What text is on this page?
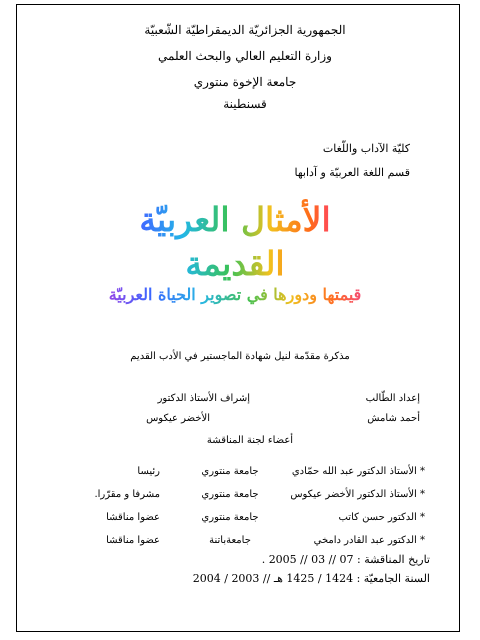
الجمهورية الجزائريّة الديمقراطيّة الشّعبيّة
وزارة التعليم العالي والبحث العلمي
جامعة الإخوة منتوري
قسنطينة
كليّة الآداب واللّغات
قسم اللغة العربيّة و آدابها
الأمثال العربيّة القديمة
قيمتها ودورها في تصوير الحياة العربيّة
مذكرة مقدّمة لنيل شهادة الماجستير في الأدب القديم
إعداد الطّالب
أحمد شامش
إشراف الأستاذ الدكتور
الأخضر عيكوس
أعضاء لجنة المناقشة
* الأستاذ الدكتور عبد الله حمّادي
جامعة منتوري
رئيسا
* الأستاذ الدكتور الأخضر عيكوس
جامعة منتوري
مشرفا و مقرّرا.
* الدكتور حسن كاتب
جامعة منتوري
عضوا مناقشا
* الدكتور عبد القادر دامخي
جامعةباتنة
عضوا مناقشا
تاريخ المناقشة : 07 // 03 // 2005 .
السنة الجامعيّة : 1424 / 1425 هـ // 2003 / 2004
